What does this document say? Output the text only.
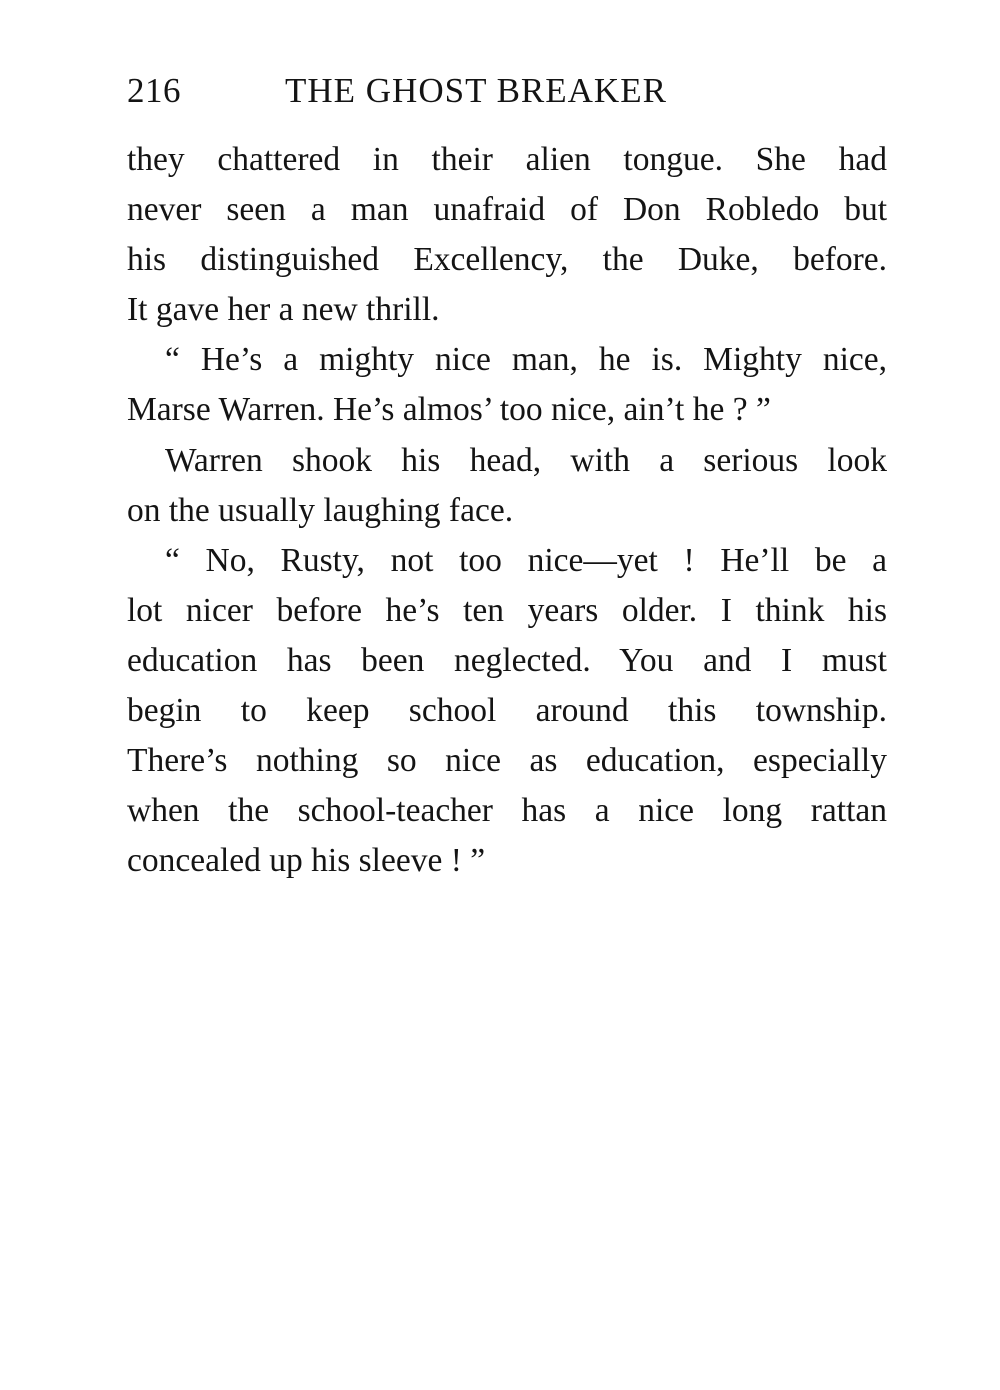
216	THE GHOST BREAKER
they chattered in their alien tongue. She had
never seen a man unafraid of Don Robledo but
his distinguished Excellency, the Duke, before.
It gave her a new thrill.
“ He’s a mighty nice man, he is. Mighty nice,
Marse Warren. He’s almos’ too nice, ain’t he ? ”
Warren shook his head, with a serious look
on the usually laughing face.
“ No, Rusty, not too nice—yet ! He’ll be a
lot nicer before he’s ten years older. I think his
education has been neglected. You and I must
begin to keep school around this township.
There’s nothing so nice as education, especially
when the school-teacher has a nice long rattan
concealed up his sleeve ! ”
